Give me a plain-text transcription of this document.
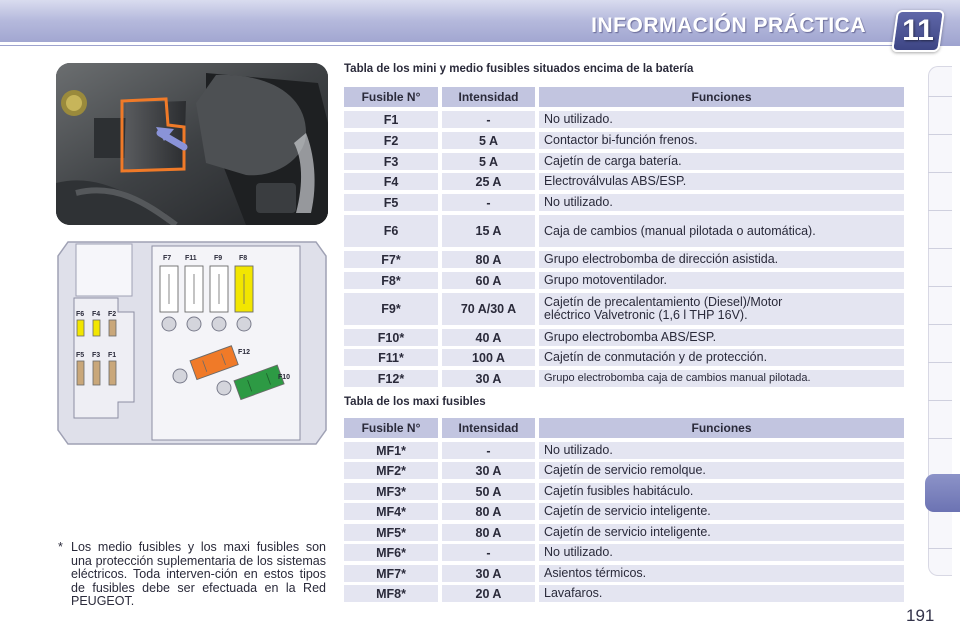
INFORMACIÓN PRÁCTICA 11
F6 F4 F2
F5 F3 F1
F7 F11 F9 F8
F12
F10
Tabla de los mini y medio fusibles situados encima de la batería
Fusible N°	Intensidad	Funciones
F1	-	No utilizado.
F2	5 A	Contactor bi-función frenos.
F3	5 A	Cajetín de carga batería.
F4	25 A	Electroválvulas ABS/ESP.
F5	-	No utilizado.
F6	15 A	Caja de cambios (manual pilotada o automática).
F7*	80 A	Grupo electrobomba de dirección asistida.
F8*	60 A	Grupo motoventilador.
F9*	70 A/30 A	Cajetín de precalentamiento (Diesel)/Motor
eléctrico Valvetronic (1,6 l THP 16V).
F10*	40 A	Grupo electrobomba ABS/ESP.
F11*	100 A	Cajetín de conmutación y de protección.
F12*	30 A	Grupo electrobomba caja de cambios manual pilotada.
Tabla de los maxi fusibles
Fusible N°	Intensidad	Funciones
MF1*	-	No utilizado.
MF2*	30 A	Cajetín de servicio remolque.
MF3*	50 A	Cajetín fusibles habitáculo.
MF4*	80 A	Cajetín de servicio inteligente.
MF5*	80 A	Cajetín de servicio inteligente.
MF6*	-	No utilizado.
MF7*	30 A	Asientos térmicos.
MF8*	20 A	Lavafaros.
* Los medio fusibles y los maxi fusibles son una protección suplementaria de los sistemas eléctricos. Toda interven-ción en estos tipos de fusibles debe ser efectuada en la Red PEUGEOT.
191
